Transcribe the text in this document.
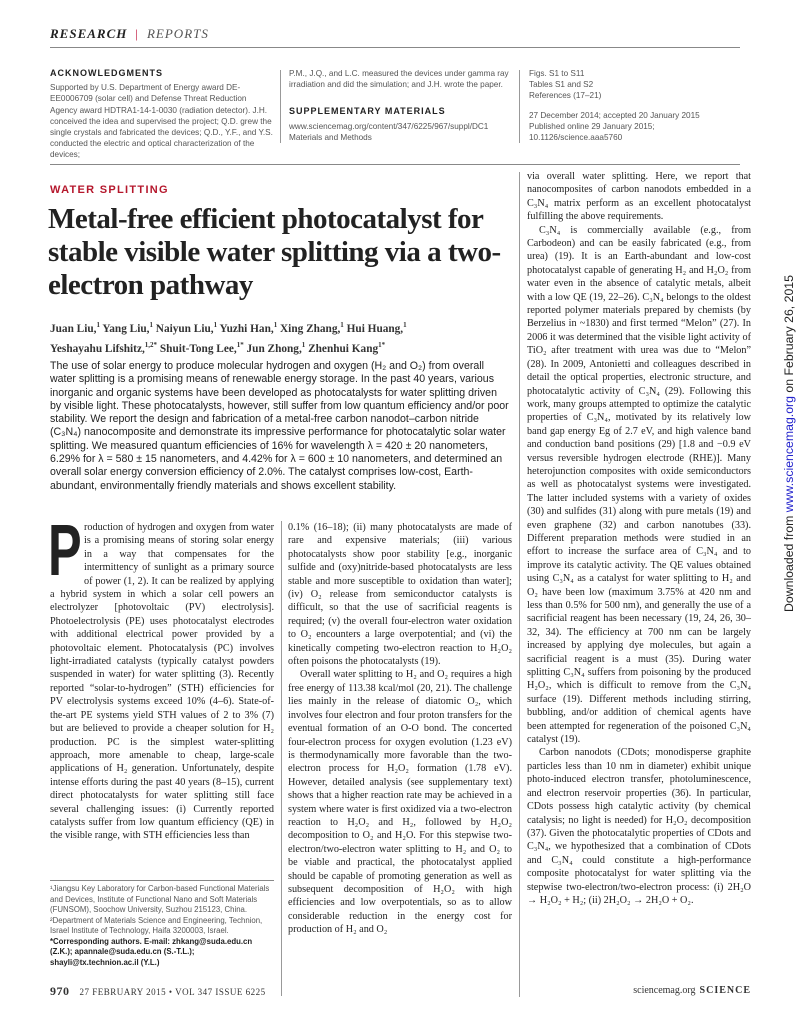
RESEARCH | REPORTS
ACKNOWLEDGMENTS

Supported by U.S. Department of Energy award DE-EE0006709 (solar cell) and Defense Threat Reduction Agency award HDTRA1-14-1-0030 (radiation detector). J.H. conceived the idea and supervised the project; Q.D. grew the single crystals and fabricated the devices; Q.D., Y.F., and Y.S. conducted the electric and optical characterization of the devices;

P.M., J.Q., and L.C. measured the devices under gamma ray irradiation and did the simulation; and J.H. wrote the paper.

SUPPLEMENTARY MATERIALS

www.sciencemag.org/content/347/6225/967/suppl/DC1

Materials and Methods

Figs. S1 to S11

Tables S1 and S2

References (17–21)

27 December 2014; accepted 20 January 2015

Published online 29 January 2015;

10.1126/science.aaa5760

WATER SPLITTING
Metal-free efficient photocatalyst for stable visible water splitting via a two-electron pathway
Juan Liu,$^1$ Yang Liu,$^1$ Naiyun Liu,$^1$ Yuzhi Han,$^1$ Xing Zhang,$^1$ Hui Huang,$^1$
Yeshayahu Lifshitz,$^{1,2*}$ Shuit-Tong Lee,$^{1*}$ Jun Zhong,$^1$ Zhenhui Kang$^{1*}$

The use of solar energy to produce molecular hydrogen and oxygen (H₂ and O₂) from overall water splitting is a promising means of renewable energy storage. In the past 40 years, various inorganic and organic systems have been developed as photocatalysts for water splitting driven by visible light. These photocatalysts, however, still suffer from low quantum efficiency and/or poor stability. We report the design and fabrication of a metal-free carbon nanodot–carbon nitride (C₃N₄) nanocomposite and demonstrate its impressive performance for photocatalytic solar water splitting. We measured quantum efficiencies of 16% for wavelength λ = 420 ± 20 nanometers, 6.29% for λ = 580 ± 15 nanometers, and 4.42% for λ = 600 ± 10 nanometers, and determined an overall solar energy conversion efficiency of 2.0%. The catalyst comprises low-cost, Earth-abundant, environmentally friendly materials and shows excellent stability.

P roduction of hydrogen and oxygen from water is a promising means of storing solar energy in a way that compensates for the intermittency of sunlight as a primary source of power (1, 2). It can be realized by applying a hybrid system in which a solar cell powers an electrolyzer [photovoltaic (PV) electrolysis]. Photoelectrolysis (PE) uses photocatalyst electrodes with additional electrical power provided by a photovoltaic element. Photocatalysis (PC) involves light-irradiated catalysts (typically catalyst powders suspended in water) for water splitting (3). Recently reported “solar-to-hydrogen” (STH) efficiencies for PV electrolysis systems exceed 10% (4–6). State-of-the-art PE systems yield STH values of 2 to 3% (7) but are believed to provide a cheaper solution for H₂ production. PC is the simplest water-splitting approach, more amenable to cheap, large-scale applications of H₂ generation. Unfortunately, despite intense efforts during the past 40 years (8–15), current direct photocatalysts for water splitting still face several challenging issues: (i) Currently reported catalysts suffer from low quantum efficiency (QE) in the visible range, with STH efficiencies less than

0.1% (16–18); (ii) many photocatalysts are made of rare and expensive materials; (iii) various photocatalysts show poor stability [e.g., inorganic sulfide and (oxy)nitride-based photocatalysts are less stable and more susceptible to oxidation than water]; (iv) O₂ release from semiconductor catalysts is difficult, so that the use of sacrificial reagents is required; (v) the overall four-electron water oxidation to O₂ encounters a large overpotential; and (vi) the kinetically competing two-electron reaction to H₂O₂ often poisons the photocatalysts (19).

Overall water splitting to H₂ and O₂ requires a high free energy of 113.38 kcal/mol (20, 21). The challenge lies mainly in the release of diatomic O₂, which involves four electron and four proton transfers for the eventual formation of an O-O bond. The concerted four-electron process for oxygen evolution (1.23 eV) is thermodynamically more favorable than the two-electron process for H₂O₂ formation (1.78 eV). However, detailed analysis (see supplementary text) shows that a higher reaction rate may be achieved in a system where water is first oxidized via a two-electron reaction to H₂O₂ and H₂, followed by H₂O₂ decomposition to O₂ and H₂O. For this stepwise two-electron/two-electron water splitting to H₂ and O₂ to be viable and practical, the photocatalyst applied should be capable of promoting generation as well as subsequent decomposition of H₂O₂ with high efficiencies and low overpotentials, so as to allow considerable reduction in the energy cost for production of H₂ and O₂

via overall water splitting. Here, we report that nanocomposites of carbon nanodots embedded in a C₃N₄ matrix perform as an excellent photocatalyst fulfilling the above requirements.

C₃N₄ is commercially available (e.g., from Carbodeon) and can be easily fabricated (e.g., from urea) (19). It is an Earth-abundant and low-cost photocatalyst capable of generating H₂ and H₂O₂ from water even in the absence of catalytic metals, albeit with a low QE (19, 22–26). C₃N₄ belongs to the oldest reported polymer materials prepared by chemists (by Berzelius in ~1830) and first termed “Melon” (27). In 2006 it was determined that the visible light activity of TiO₂ after treatment with urea was due to “Melon” (28). In 2009, Antonietti and colleagues described in detail the optical properties, electronic structure, and photocatalytic activity of C₃N₄ (29). Following this work, many groups attempted to optimize the catalytic properties of C₃N₄, motivated by its relatively low band gap energy Eg of 2.7 eV, and high valence band and conduction band positions (29) [1.8 and −0.9 eV versus reversible hydrogen electrode (RHE)]. Many heterojunction composites with oxide semiconductors as well as photocatalyst systems were investigated. The latter included systems with a variety of oxides (30) and sulfides (31) along with pure metals (19) and even graphene (32) and carbon nanotubes (33). Different preparation methods were studied in an effort to increase the surface area of C₃N₄ and to improve its catalytic activity. The QE values obtained using C₃N₄ as a catalyst for water splitting to H₂ and O₂ have been low (maximum 3.75% at 420 nm and less than 0.5% for 500 nm), and generally the use of a sacrificial reagent has been necessary (19, 24, 26, 30–32, 34). The efficiency at 700 nm can be largely increased by applying dye molecules, but again a sacrificial reagent is a must (35). During water splitting C₃N₄ suffers from poisoning by the produced H₂O₂, which is difficult to remove from the C₃N₄ surface (19). Different methods including stirring, bubbling, and/or addition of chemical agents have been attempted for regeneration of the poisoned C₃N₄ catalyst (19).

Carbon nanodots (CDots; monodisperse graphite particles less than 10 nm in diameter) exhibit unique photo-induced electron transfer, photoluminescence, and electron reservoir properties (36). In particular, CDots possess high catalytic activity (by chemical catalysis; no light is needed) for H₂O₂ decomposition (37). Given the photocatalytic properties of CDots and C₃N₄, we hypothesized that a combination of CDots and C₃N₄ could constitute a high-performance composite photocatalyst for water splitting via the stepwise two-electron/two-electron process: (i) 2H₂O → H₂O₂ + H₂; (ii) 2H₂O₂ → 2H₂O + O₂.

¹Jiangsu Key Laboratory for Carbon-based Functional Materials and Devices, Institute of Functional Nano and Soft Materials (FUNSOM), Soochow University, Suzhou 215123, China. ²Department of Materials Science and Engineering, Technion, Israel Institute of Technology, Haifa 3200003, Israel.
*Corresponding authors. E-mail: zhkang@suda.edu.cn (Z.K.); apannale@suda.edu.cn (S.-T.L.); shayli@tx.technion.ac.il (Y.L.)
970 27 FEBRUARY 2015 • VOL 347 ISSUE 6225	sciencemag.org SCIENCE
Downloaded from www.sciencemag.org on February 26, 2015
